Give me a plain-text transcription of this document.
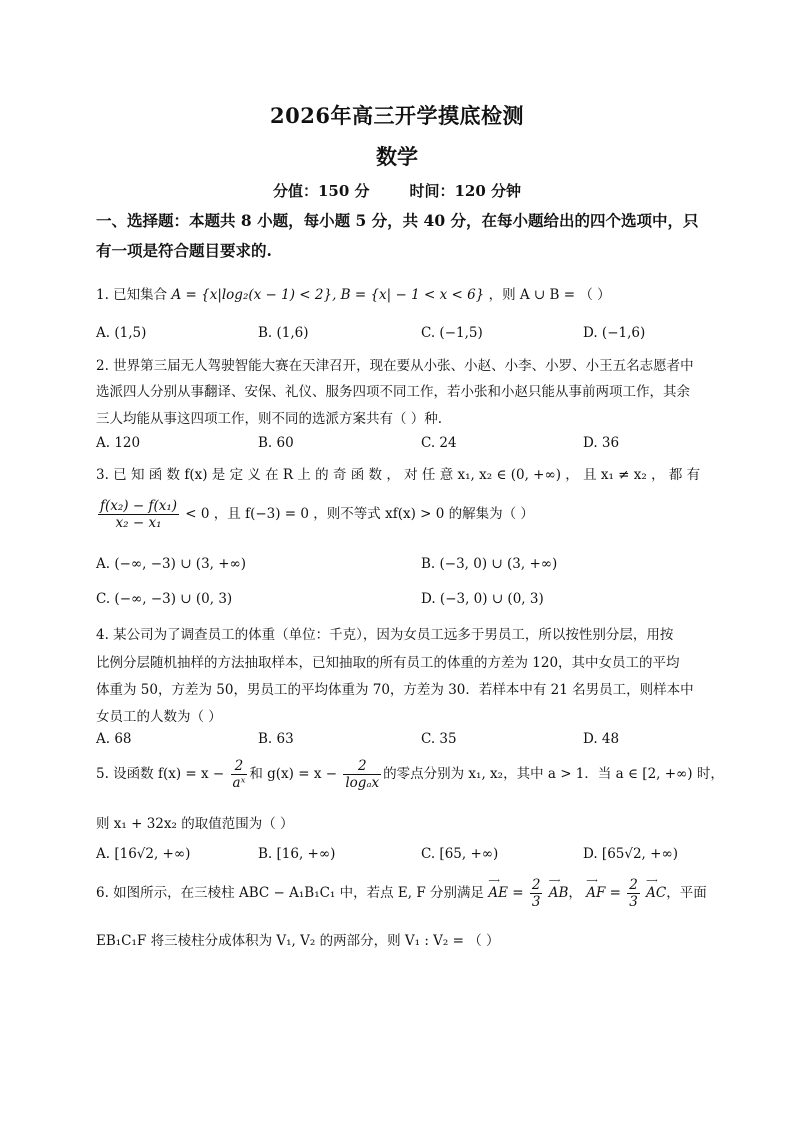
2026年高三开学摸底检测
数学
分值：150 分	时间：120 分钟
一、选择题：本题共 8 小题，每小题 5 分，共 40 分，在每小题给出的四个选项中，只有一项是符合题目要求的.
1. 已知集合 A = {x|log₂(x − 1) < 2}, B = {x| − 1 < x < 6} ，则 A ∪ B = （ ）
A. (1,5)	B. (1,6)	C. (−1,5)	D. (−1,6)
2. 世界第三届无人驾驶智能大赛在天津召开，现在要从小张、小赵、小李、小罗、小王五名志愿者中
选派四人分别从事翻译、安保、礼仪、服务四项不同工作，若小张和小赵只能从事前两项工作，其余
三人均能从事这四项工作，则不同的选派方案共有（ ）种.
A. 120	B. 60	C. 24	D. 36
3. 已 知 函 数 f(x) 是 定 义 在 R 上 的 奇 函 数 ， 对 任 意 x₁, x₂ ∈ (0, +∞) ， 且 x₁ ≠ x₂ ， 都 有
$\frac{\text{f(x₂) − f(x₁)}}{\text{x₂ − x₁}} < 0$ ，且 f(−3) = 0 ，则不等式 xf(x) > 0 的解集为（ ）
A. (−∞, −3) ∪ (3, +∞)	B. (−3, 0) ∪ (3, +∞)
C. (−∞, −3) ∪ (0, 3)	D. (−3, 0) ∪ (0, 3)
4. 某公司为了调查员工的体重（单位：千克），因为女员工远多于男员工，所以按性别分层，用按
比例分层随机抽样的方法抽取样本，已知抽取的所有员工的体重的方差为 120，其中女员工的平均
体重为 50，方差为 50，男员工的平均体重为 70，方差为 30．若样本中有 21 名男员工，则样本中
女员工的人数为（ ）
A. 68	B. 63	C. 35	D. 48
5. 设函数 $f(x) = x - \frac{2}{\text{aˣ}}$ 和 $g(x) = x - \frac{2}{\text{logₐx}}$ 的零点分别为 x₁, x₂，其中 a > 1．当 a ∈ [2, +∞) 时，
则 x₁ + 32x₂ 的取值范围为（ ）
A. [16√2, +∞)	B. [16, +∞)	C. [65, +∞)	D. [65√2, +∞)
6. 如图所示，在三棱柱 ABC − A₁B₁C₁ 中，若点 E, F 分别满足
⟶
AE = $\frac{2}{3}$
⟶
AB，
⟶
AF = $\frac{2}{3}$
⟶
AC，平面
EB₁C₁F 将三棱柱分成体积为 V₁, V₂ 的两部分，则 V₁ : V₂ = （ ）
